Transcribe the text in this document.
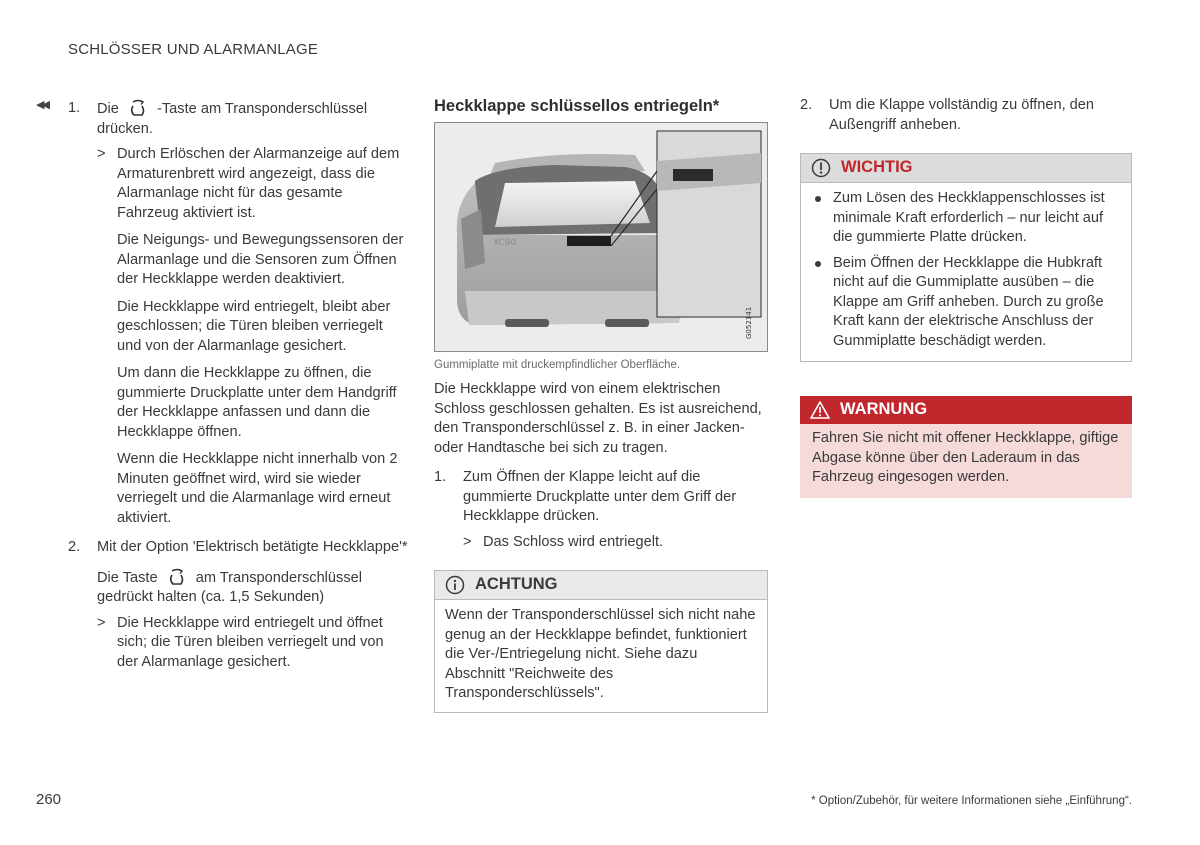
SCHLÖSSER UND ALARMANLAGE
◀◀ 1. Die	-Taste am Transponderschlüssel drücken.

> Durch Erlöschen der Alarmanzeige auf dem Armaturenbrett wird angezeigt, dass die Alarmanlage nicht für das gesamte Fahrzeug aktiviert ist.

Die Neigungs- und Bewegungssensoren der Alarmanlage und die Sensoren zum Öffnen der Heckklappe werden deaktiviert.

Die Heckklappe wird entriegelt, bleibt aber geschlossen; die Türen bleiben verriegelt und von der Alarmanlage gesichert.

Um dann die Heckklappe zu öffnen, die gummierte Druckplatte unter dem Handgriff der Heckklappe anfassen und dann die Heckklappe öffnen.

Wenn die Heckklappe nicht innerhalb von 2 Minuten geöffnet wird, wird sie wieder verriegelt und die Alarmanlage wird erneut aktiviert.

2. Mit der Option 'Elektrisch betätigte Heckklappe'*

Die Taste	am Transponderschlüssel gedrückt halten (ca. 1,5 Sekunden)

> Die Heckklappe wird entriegelt und öffnet sich; die Türen bleiben verriegelt und von der Alarmanlage gesichert.

Heckklappe schlüssellos entriegeln*
XC90
G052141

Gummiplatte mit druckempfindlicher Oberfläche.

Die Heckklappe wird von einem elektrischen Schloss geschlossen gehalten. Es ist ausreichend, den Transponderschlüssel z. B. in einer Jacken- oder Handtasche bei sich zu tragen.

1. Zum Öffnen der Klappe leicht auf die gummierte Druckplatte unter dem Griff der Heckklappe drücken.

> Das Schloss wird entriegelt.

ACHTUNG

Wenn der Transponderschlüssel sich nicht nahe genug an der Heckklappe befindet, funktioniert die Ver-/Entriegelung nicht. Siehe dazu Abschnitt "Reichweite des Transponderschlüssels".

2. Um die Klappe vollständig zu öffnen, den Außengriff anheben.

WICHTIG

Zum Lösen des Heckklappenschlosses ist minimale Kraft erforderlich – nur leicht auf die gummierte Platte drücken.

Beim Öffnen der Heckklappe die Hubkraft nicht auf die Gummiplatte ausüben – die Klappe am Griff anheben. Durch zu große Kraft kann der elektrische Anschluss der Gummiplatte beschädigt werden.

WARNUNG

Fahren Sie nicht mit offener Heckklappe, giftige Abgase könne über den Laderaum in das Fahrzeug eingesogen werden.

260	* Option/Zubehör, für weitere Informationen siehe „Einführung“.
